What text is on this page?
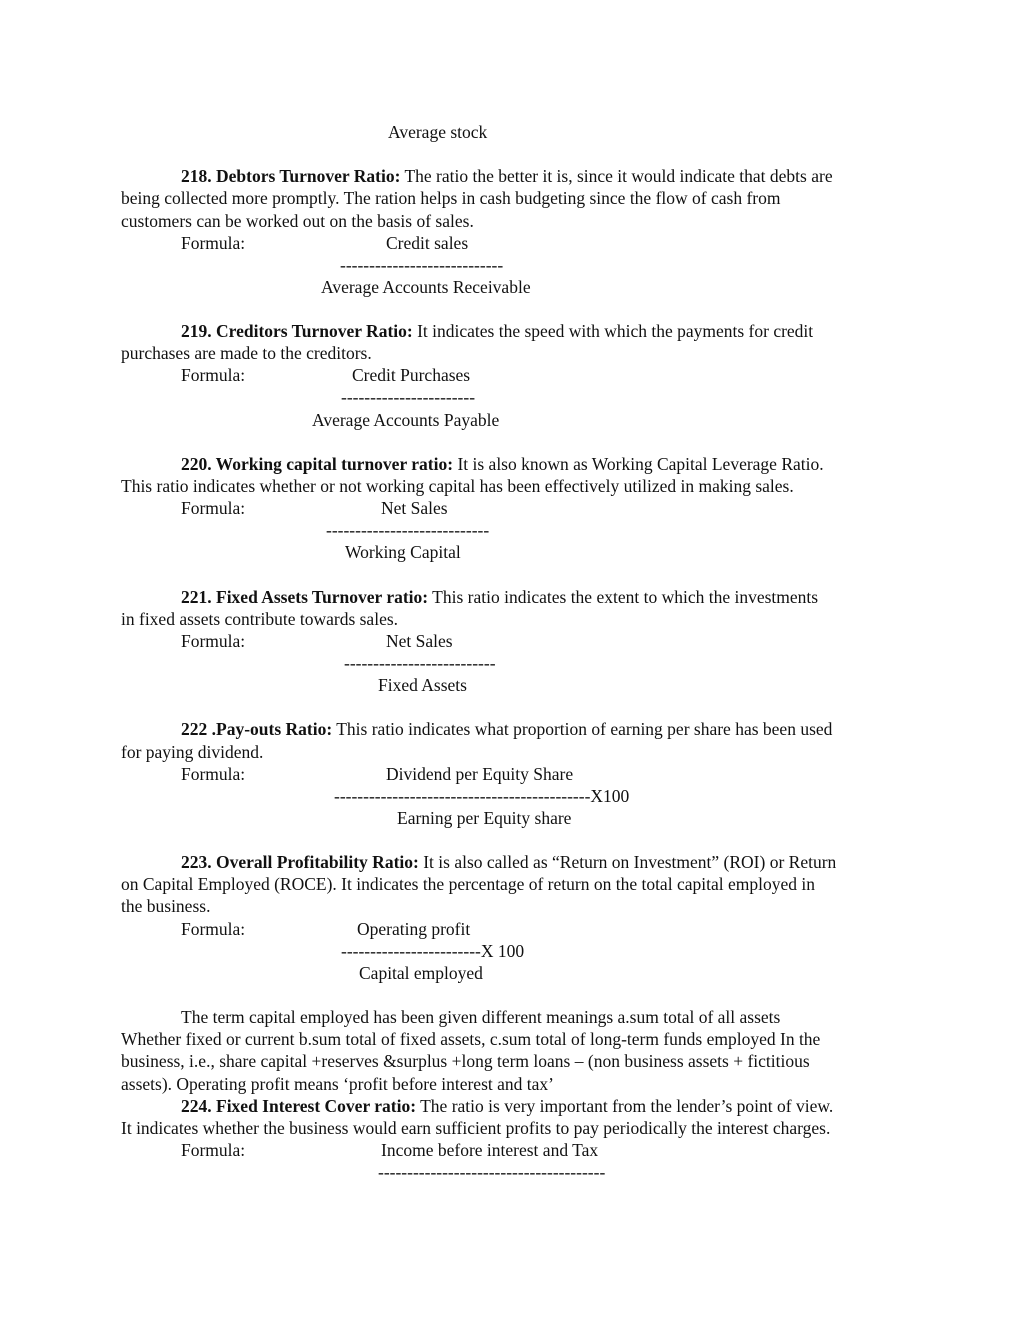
Average stock
218. Debtors Turnover Ratio: The ratio the better it is, since it would indicate that debts are
being collected more promptly. The ration helps in cash budgeting since the flow of cash from
customers can be worked out on the basis of sales.
Formula:	Credit sales
----------------------------
Average Accounts Receivable
219. Creditors Turnover Ratio: It indicates the speed with which the payments for credit
purchases are made to the creditors.
Formula:	Credit Purchases
-----------------------
Average Accounts Payable
220. Working capital turnover ratio: It is also known as Working Capital Leverage Ratio.
This ratio indicates whether or not working capital has been effectively utilized in making sales.
Formula:	Net Sales
----------------------------
Working Capital
221. Fixed Assets Turnover ratio: This ratio indicates the extent to which the investments
in fixed assets contribute towards sales.
Formula:	Net Sales
--------------------------
Fixed Assets
222 .Pay-outs Ratio: This ratio indicates what proportion of earning per share has been used
for paying dividend.
Formula:	Dividend per Equity Share
--------------------------------------------X100
Earning per Equity share
223. Overall Profitability Ratio: It is also called as “Return on Investment” (ROI) or Return
on Capital Employed (ROCE). It indicates the percentage of return on the total capital employed in
the business.
Formula:	Operating profit
------------------------X 100
Capital employed
The term capital employed has been given different meanings a.sum total of all assets
Whether fixed or current b.sum total of fixed assets, c.sum total of long-term funds employed In the
business, i.e., share capital +reserves &surplus +long term loans – (non business assets + fictitious
assets). Operating profit means ‘profit before interest and tax’
224. Fixed Interest Cover ratio: The ratio is very important from the lender’s point of view.
It indicates whether the business would earn sufficient profits to pay periodically the interest charges.
Formula:	Income before interest and Tax
---------------------------------------
